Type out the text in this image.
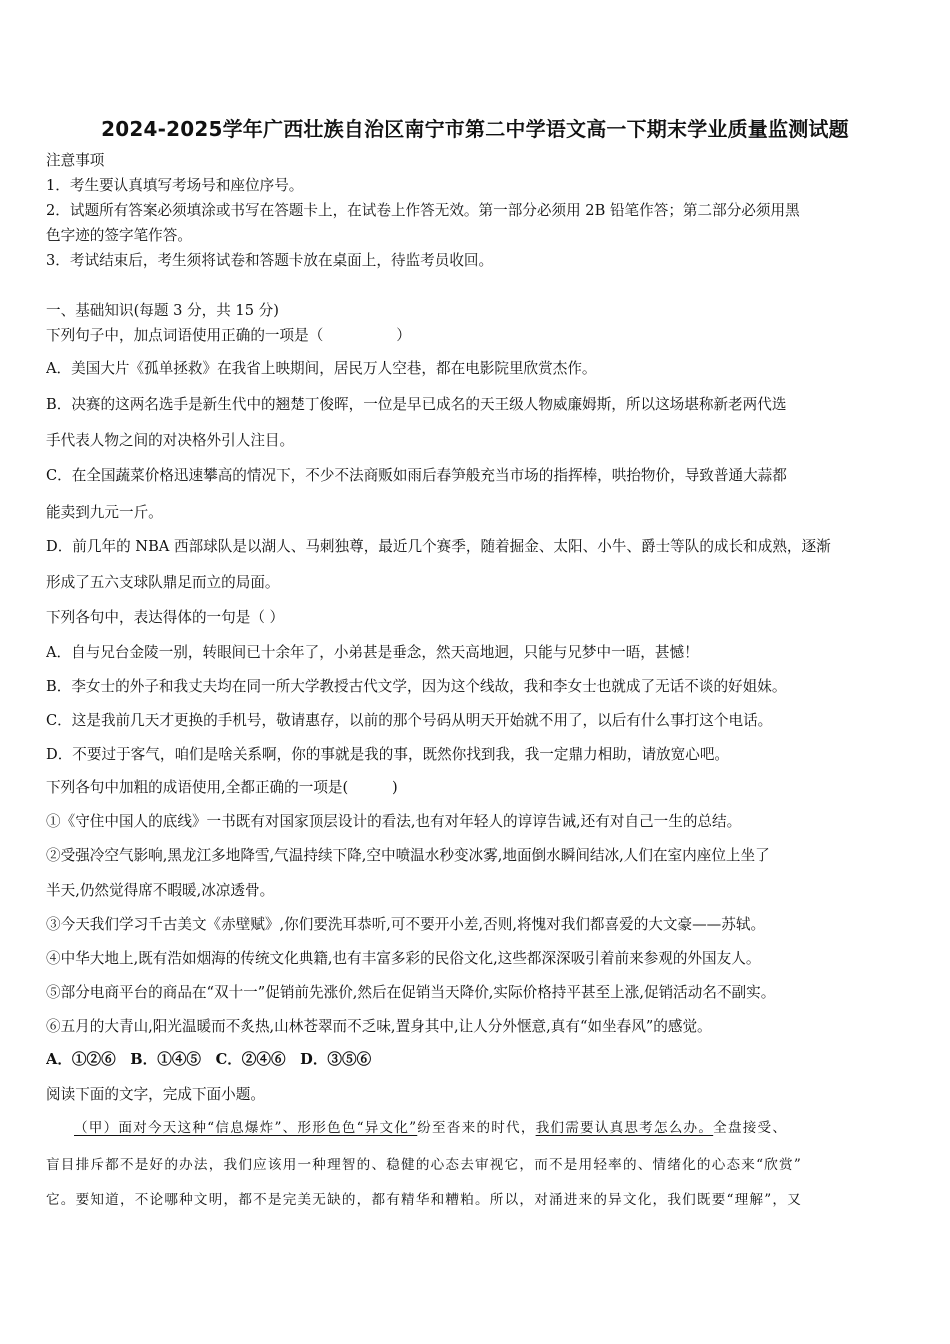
2024-2025学年广西壮族自治区南宁市第二中学语文高一下期末学业质量监测试题
注意事项
1．考生要认真填写考场号和座位序号。
2．试题所有答案必须填涂或书写在答题卡上，在试卷上作答无效。第一部分必须用 2B 铅笔作答；第二部分必须用黑
色字迹的签字笔作答。
3．考试结束后，考生须将试卷和答题卡放在桌面上，待监考员收回。
一、基础知识(每题 3 分，共 15 分)
下列句子中，加点词语使用正确的一项是（　　　　　）
A．美国大片《孤单拯救》在我省上映期间，居民万人空巷，都在电影院里欣赏杰作。
B．决赛的这两名选手是新生代中的翘楚丁俊晖，一位是早已成名的天王级人物威廉姆斯，所以这场堪称新老两代选
手代表人物之间的对决格外引人注目。
C．在全国蔬菜价格迅速攀高的情况下，不少不法商贩如雨后春笋般充当市场的指挥棒，哄抬物价，导致普通大蒜都
能卖到九元一斤。
D．前几年的 NBA 西部球队是以湖人、马刺独尊，最近几个赛季，随着掘金、太阳、小牛、爵士等队的成长和成熟，逐渐
形成了五六支球队鼎足而立的局面。
下列各句中，表达得体的一句是（ ）
A．自与兄台金陵一别，转眼间已十余年了，小弟甚是垂念，然天高地迥，只能与兄梦中一晤，甚憾！
B．李女士的外子和我丈夫均在同一所大学教授古代文学，因为这个线故，我和李女士也就成了无话不谈的好姐妹。
C．这是我前几天才更换的手机号，敬请惠存，以前的那个号码从明天开始就不用了，以后有什么事打这个电话。
D．不要过于客气，咱们是啥关系啊，你的事就是我的事，既然你找到我，我一定鼎力相助，请放宽心吧。
下列各句中加粗的成语使用,全都正确的一项是(　　　)
①《守住中国人的底线》一书既有对国家顶层设计的看法,也有对年轻人的谆谆告诫,还有对自己一生的总结。
②受强冷空气影响,黑龙江多地降雪,气温持续下降,空中喷温水秒变冰雾,地面倒水瞬间结冰,人们在室内座位上坐了
半天,仍然觉得席不暇暖,冰凉透骨。
③今天我们学习千古美文《赤壁赋》,你们要洗耳恭听,可不要开小差,否则,将愧对我们都喜爱的大文豪——苏轼。
④中华大地上,既有浩如烟海的传统文化典籍,也有丰富多彩的民俗文化,这些都深深吸引着前来参观的外国友人。
⑤部分电商平台的商品在“双十一”促销前先涨价,然后在促销当天降价,实际价格持平甚至上涨,促销活动名不副实。
⑥五月的大青山,阳光温暖而不炙热,山林苍翠而不乏味,置身其中,让人分外惬意,真有“如坐春风”的感觉。
A．①②⑥　B．①④⑤　C．②④⑥　D．③⑤⑥
阅读下面的文字，完成下面小题。
（甲）面对今天这种“信息爆炸”、形形色色“异文化”纷至沓来的时代，我们需要认真思考怎么办。全盘接受、
盲目排斥都不是好的办法，我们应该用一种理智的、稳健的心态去审视它，而不是用轻率的、情绪化的心态来“欣赏”
它。要知道，不论哪种文明，都不是完美无缺的，都有精华和糟粕。所以，对涌进来的异文化，我们既要“理解”，又
